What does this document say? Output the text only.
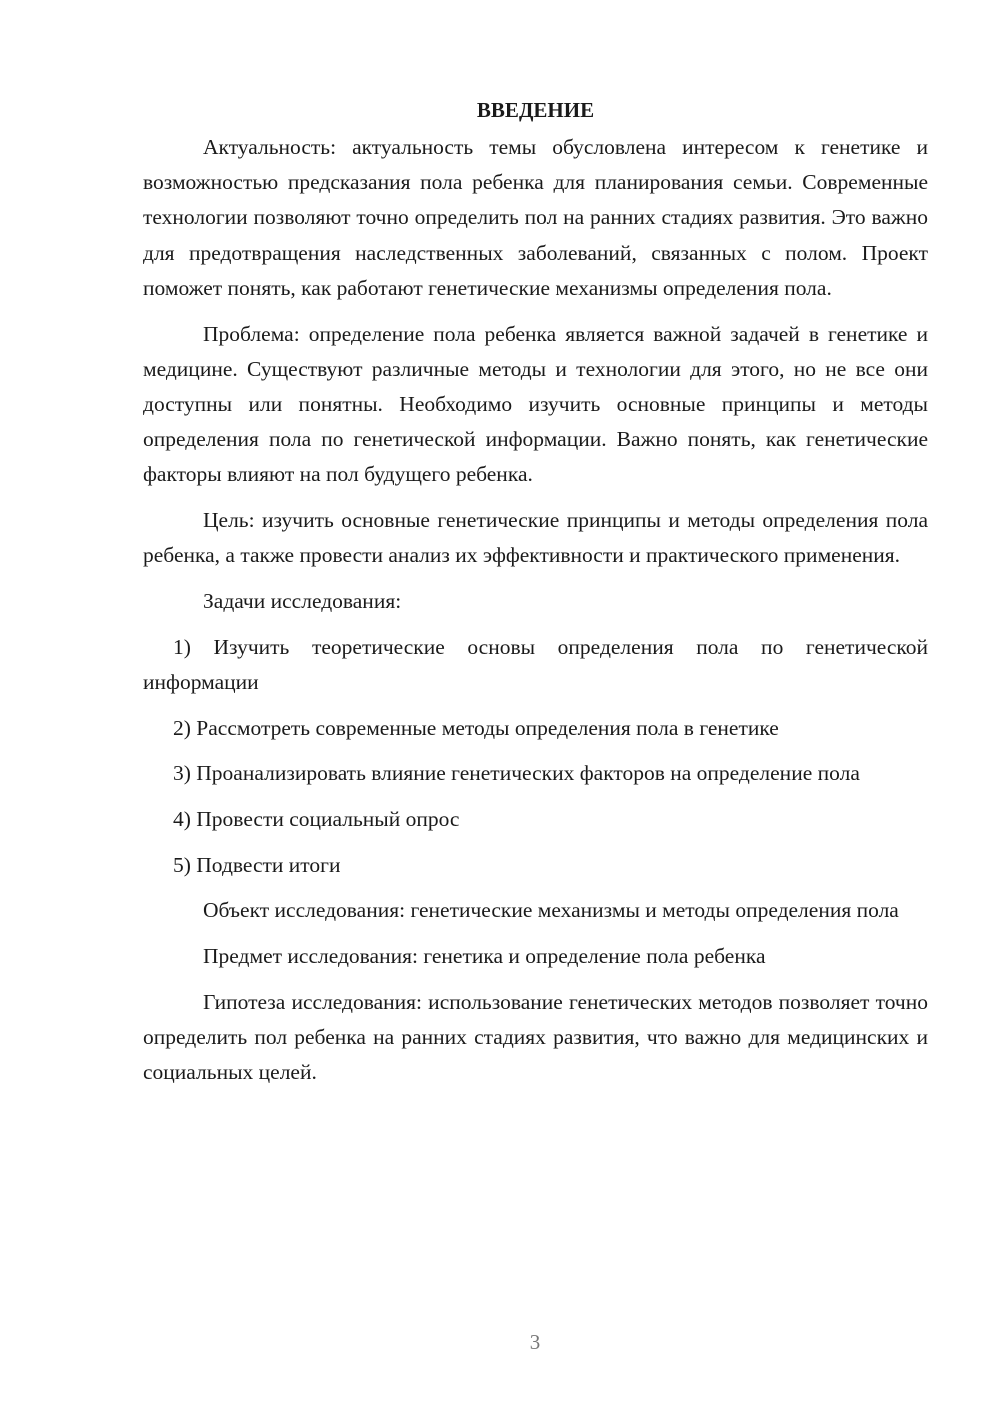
ВВЕДЕНИЕ

Актуальность: актуальность темы обусловлена интересом к генетике и возможностью предсказания пола ребенка для планирования семьи. Современные технологии позволяют точно определить пол на ранних стадиях развития. Это важно для предотвращения наследственных заболеваний, связанных с полом. Проект поможет понять, как работают генетические механизмы определения пола.

Проблема: определение пола ребенка является важной задачей в генетике и медицине. Существуют различные методы и технологии для этого, но не все они доступны или понятны. Необходимо изучить основные принципы и методы определения пола по генетической информации. Важно понять, как генетические факторы влияют на пол будущего ребенка.

Цель: изучить основные генетические принципы и методы определения пола ребенка, а также провести анализ их эффективности и практического применения.

Задачи исследования:

1) Изучить теоретические основы определения пола по генетической информации

2) Рассмотреть современные методы определения пола в генетике

3) Проанализировать влияние генетических факторов на определение пола

4) Провести социальный опрос

5) Подвести итоги

Объект исследования: генетические механизмы и методы определения пола

Предмет исследования: генетика и определение пола ребенка

Гипотеза исследования: использование генетических методов позволяет точно определить пол ребенка на ранних стадиях развития, что важно для медицинских и социальных целей.

3
